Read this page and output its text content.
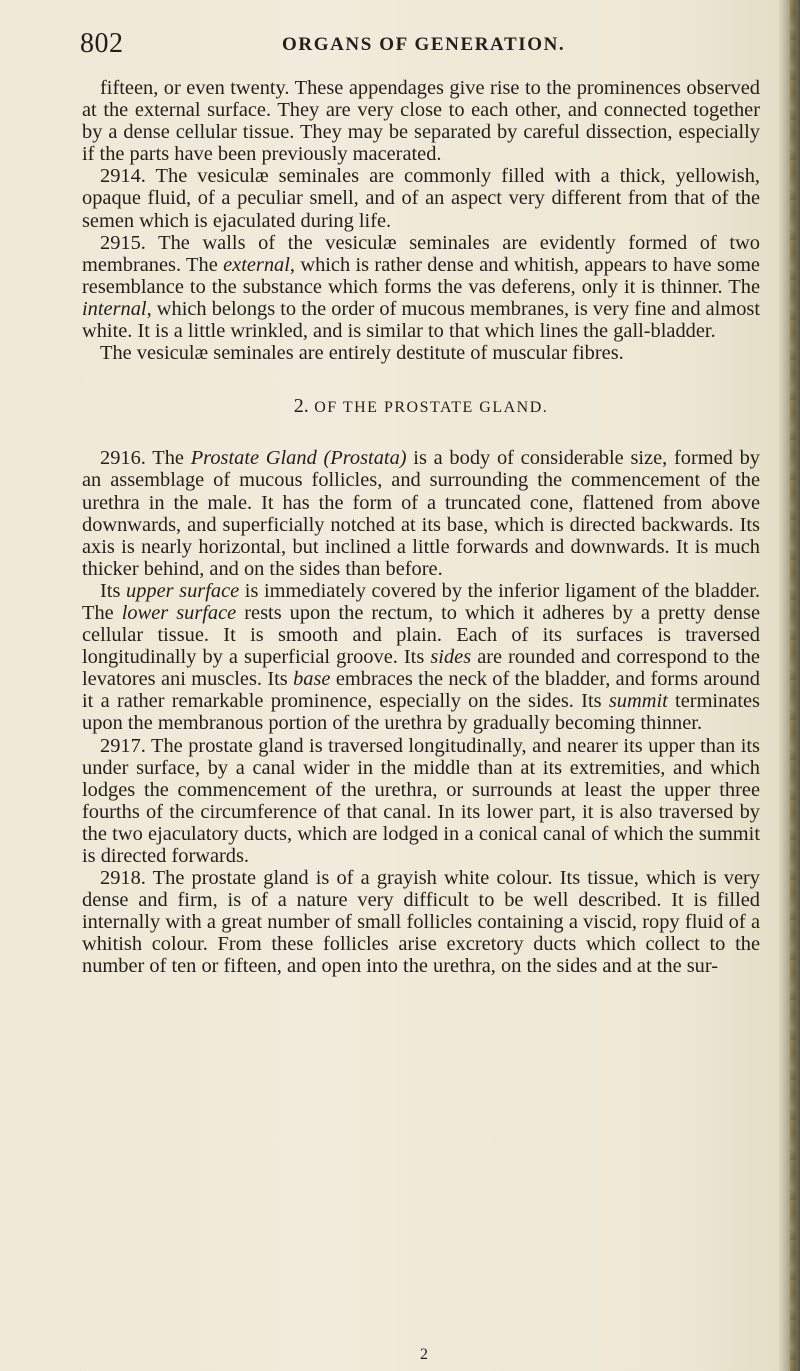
802	ORGANS OF GENERATION.

fifteen, or even twenty. These appendages give rise to the prominences observed at the external surface. They are very close to each other, and connected together by a dense cellular tissue. They may be separated by careful dissection, especially if the parts have been previously macerated.

2914. The vesiculæ seminales are commonly filled with a thick, yellowish, opaque fluid, of a peculiar smell, and of an aspect very different from that of the semen which is ejaculated during life.

2915. The walls of the vesiculæ seminales are evidently formed of two membranes. The external, which is rather dense and whitish, appears to have some resemblance to the substance which forms the vas deferens, only it is thinner. The internal, which belongs to the order of mucous membranes, is very fine and almost white. It is a little wrinkled, and is similar to that which lines the gall-bladder.

The vesiculæ seminales are entirely destitute of muscular fibres.

2. OF THE PROSTATE GLAND.

2916. The Prostate Gland (Prostata) is a body of considerable size, formed by an assemblage of mucous follicles, and surrounding the commencement of the urethra in the male. It has the form of a truncated cone, flattened from above downwards, and superficially notched at its base, which is directed backwards. Its axis is nearly horizontal, but inclined a little forwards and downwards. It is much thicker behind, and on the sides than before.

Its upper surface is immediately covered by the inferior ligament of the bladder. The lower surface rests upon the rectum, to which it adheres by a pretty dense cellular tissue. It is smooth and plain. Each of its surfaces is traversed longitudinally by a superficial groove. Its sides are rounded and correspond to the levatores ani muscles. Its base embraces the neck of the bladder, and forms around it a rather remarkable prominence, especially on the sides. Its summit terminates upon the membranous portion of the urethra by gradually becoming thinner.

2917. The prostate gland is traversed longitudinally, and nearer its upper than its under surface, by a canal wider in the middle than at its extremities, and which lodges the commencement of the urethra, or surrounds at least the upper three fourths of the circumference of that canal. In its lower part, it is also traversed by the two ejaculatory ducts, which are lodged in a conical canal of which the summit is directed forwards.

2918. The prostate gland is of a grayish white colour. Its tissue, which is very dense and firm, is of a nature very difficult to be well described. It is filled internally with a great number of small follicles containing a viscid, ropy fluid of a whitish colour. From these follicles arise excretory ducts which collect to the number of ten or fifteen, and open into the urethra, on the sides and at the sur-

2
